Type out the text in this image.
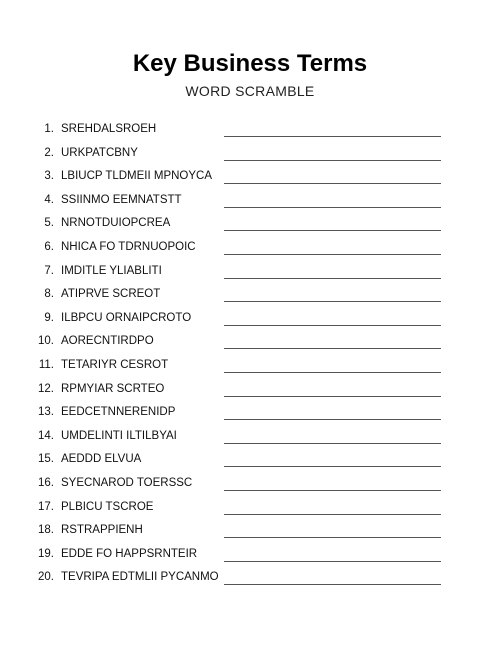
Key Business Terms
WORD SCRAMBLE
1. SREHDALSROEH
2. URKPATCBNY
3. LBIUCP TLDMEII MPNOYCA
4. SSIINMO EEMNATSTT
5. NRNOTDUIOPCREA
6. NHICA FO TDRNUOPOIC
7. IMDITLE YLIABLITI
8. ATIPRVE SCREOT
9. ILBPCU ORNAIPCROTO
10. AORECNTIRDPO
11. TETARIYR CESROT
12. RPMYIAR SCRTEO
13. EEDCETNNERENIDP
14. UMDELINTI ILTILBYAI
15. AEDDD ELVUA
16. SYECNAROD TOERSSC
17. PLBICU TSCROE
18. RSTRAPPIENH
19. EDDE FO HAPPSRNTEIR
20. TEVRIPA EDTMLII PYCANMO
